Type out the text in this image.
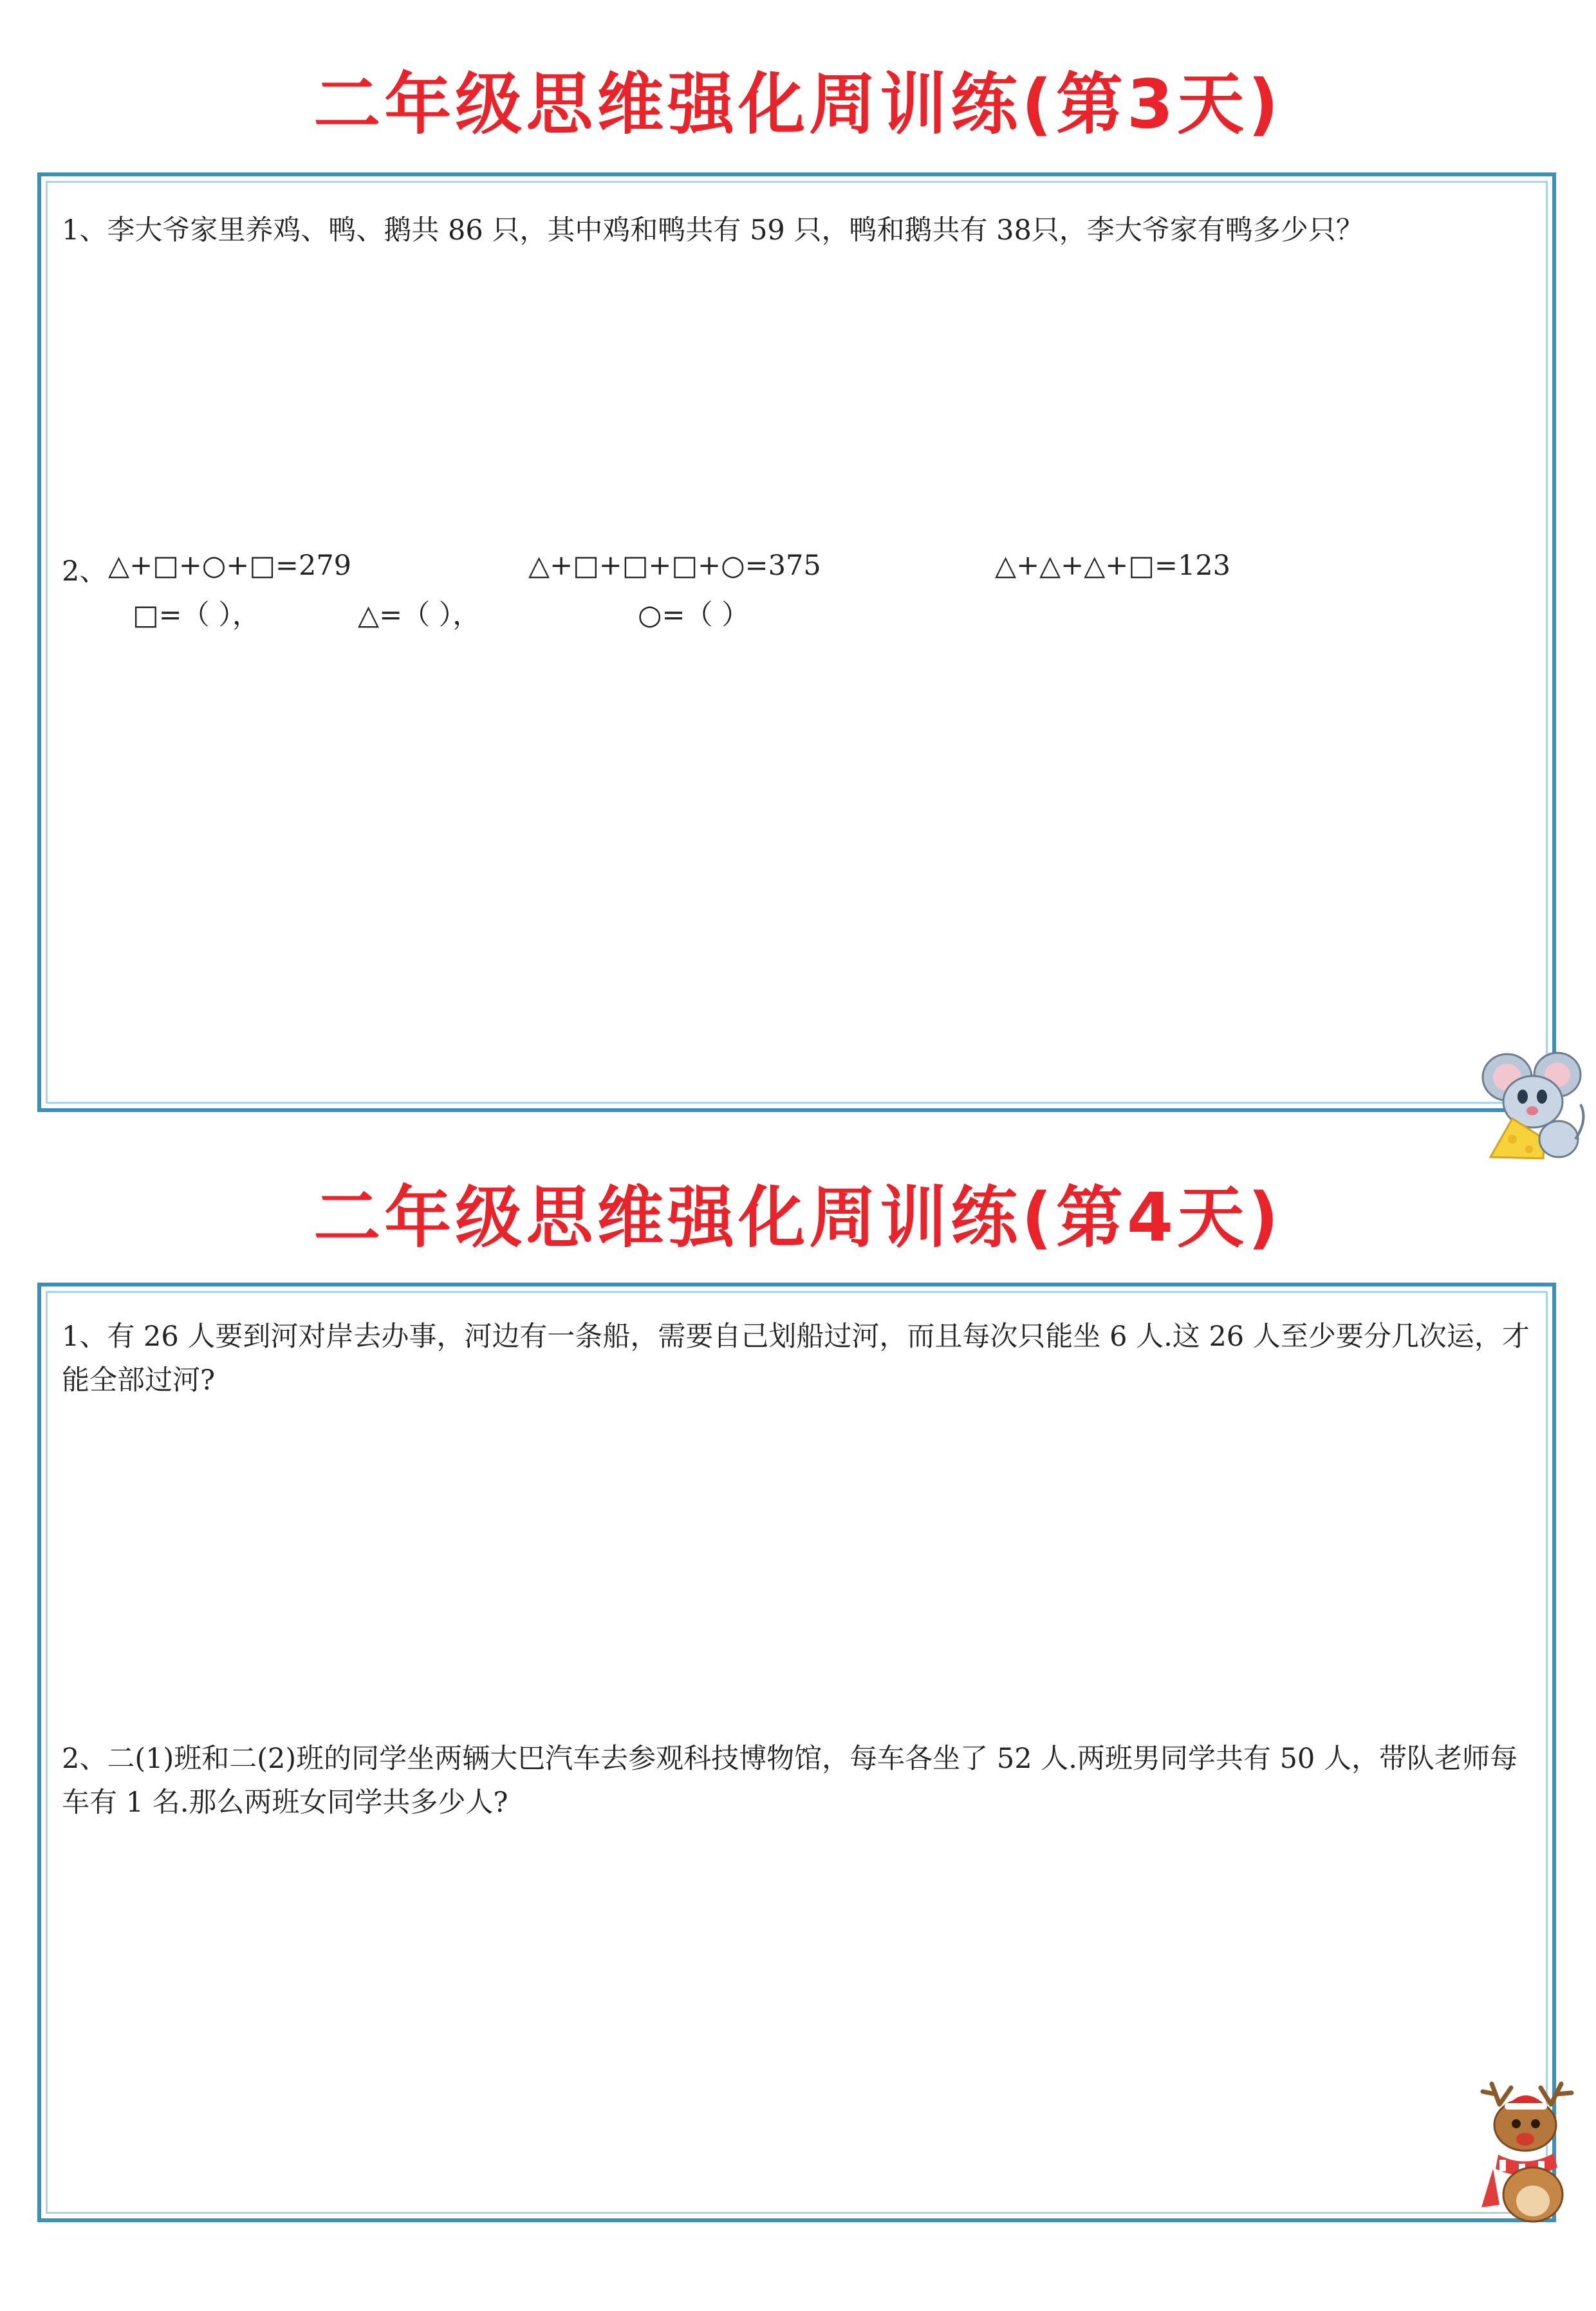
二年级思维强化周训练(第3天)
1、李大爷家里养鸡、鸭、鹅共 86 只，其中鸡和鸭共有 59 只，鸭和鹅共有 38只，李大爷家有鸭多少只？
2、 △+□+○+□=279	△+□+□+□+○=375	△+△+△+□=123
□=（ ），	△=（ ），	○=（ ）
二年级思维强化周训练(第4天)
1、有 26 人要到河对岸去办事，河边有一条船，需要自己划船过河，而且每次只能坐 6 人.这 26 人至少要分几次运，才能全部过河?
2、二(1)班和二(2)班的同学坐两辆大巴汽车去参观科技博物馆，每车各坐了 52 人.两班男同学共有 50 人，带队老师每车有 1 名.那么两班女同学共多少人?
